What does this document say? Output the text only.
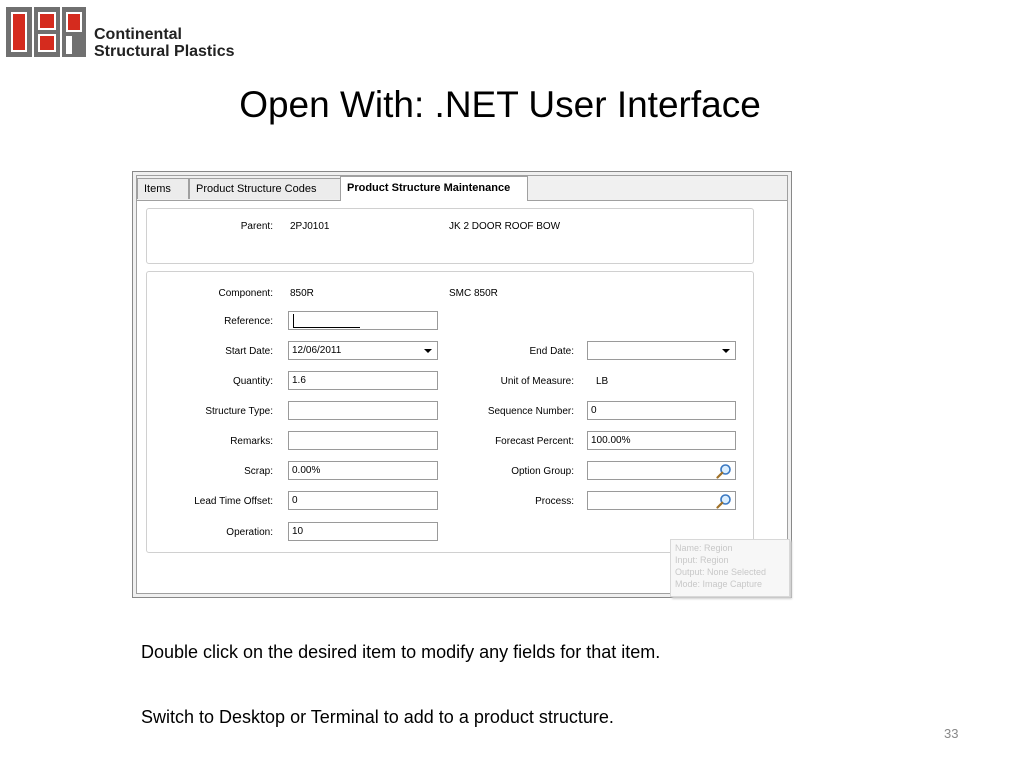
Continental
Structural Plastics
Open With: .NET User Interface
Items	Product Structure Codes	Product Structure Maintenance
Parent: 2PJ0101	JK 2 DOOR ROOF BOW
Component: 850R	SMC 850R
Reference:
Start Date:	12/06/2011	End Date:
Quantity:	1.6	Unit of Measure: LB
Structure Type:	Sequence Number:	0
Remarks:	Forecast Percent:	100.00%
Scrap:	0.00%	Option Group:
Lead Time Offset:	0	Process:
Operation:	10
Name: Region
Input: Region
Output: None Selected
Mode: Image Capture
Double click on the desired item to modify any fields for that item.
Switch to Desktop or Terminal to add to a product structure.
33
